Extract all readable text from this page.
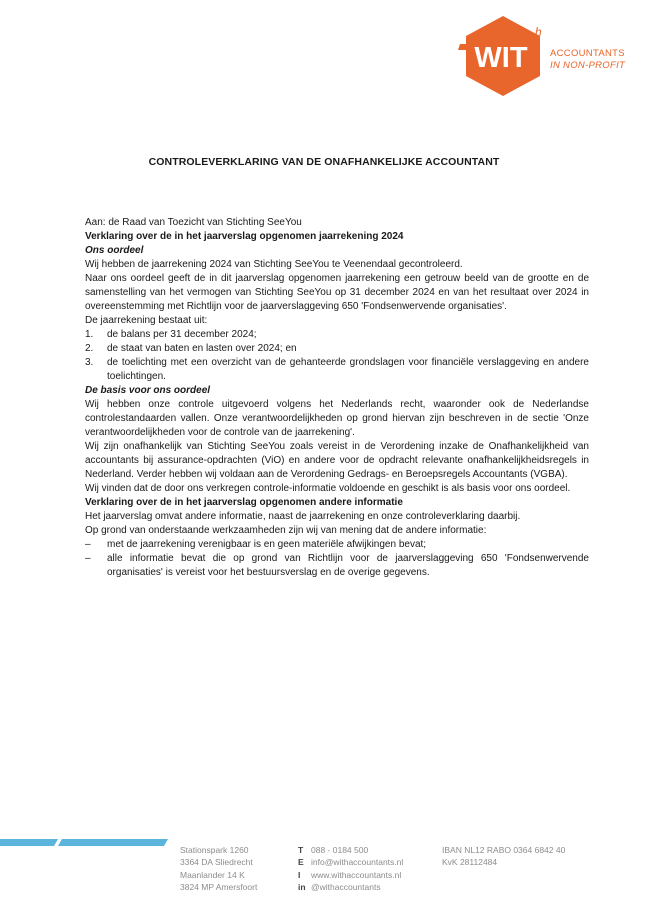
WIT
h
ACCOUNTANTS
IN NON-PROFIT
CONTROLEVERKLARING VAN DE ONAFHANKELIJKE ACCOUNTANT

Aan: de Raad van Toezicht van Stichting SeeYou

Verklaring over de in het jaarverslag opgenomen jaarrekening 2024

Ons oordeel

Wij hebben de jaarrekening 2024 van Stichting SeeYou te Veenendaal gecontroleerd.

Naar ons oordeel geeft de in dit jaarverslag opgenomen jaarrekening een getrouw beeld van de grootte en de samenstelling van het vermogen van Stichting SeeYou op 31 december 2024 en van het resultaat over 2024 in overeenstemming met Richtlijn voor de jaarverslaggeving 650 'Fondsenwervende organisaties'.

De jaarrekening bestaat uit:

1. de balans per 31 december 2024;
2. de staat van baten en lasten over 2024; en
3. de toelichting met een overzicht van de gehanteerde grondslagen voor financiële verslaggeving en andere toelichtingen.

De basis voor ons oordeel

Wij hebben onze controle uitgevoerd volgens het Nederlands recht, waaronder ook de Nederlandse controlestandaarden vallen. Onze verantwoordelijkheden op grond hiervan zijn beschreven in de sectie 'Onze verantwoordelijkheden voor de controle van de jaarrekening'.

Wij zijn onafhankelijk van Stichting SeeYou zoals vereist in de Verordening inzake de Onafhankelijkheid van accountants bij assurance-opdrachten (ViO) en andere voor de opdracht relevante onafhankelijkheidsregels in Nederland. Verder hebben wij voldaan aan de Verordening Gedrags- en Beroepsregels Accountants (VGBA).

Wij vinden dat de door ons verkregen controle-informatie voldoende en geschikt is als basis voor ons oordeel.

Verklaring over de in het jaarverslag opgenomen andere informatie

Het jaarverslag omvat andere informatie, naast de jaarrekening en onze controleverklaring daarbij.

Op grond van onderstaande werkzaamheden zijn wij van mening dat de andere informatie:

– met de jaarrekening verenigbaar is en geen materiële afwijkingen bevat;
– alle informatie bevat die op grond van Richtlijn voor de jaarverslaggeving 650 'Fondsenwervende organisaties' is vereist voor het bestuursverslag en de overige gegevens.
Stationspark 1260
3364 DA Sliedrecht
Maanlander 14 K
3824 MP Amersfoort
T 088 - 0184 500
E info@withaccountants.nl
I www.withaccountants.nl
in @withaccountants
IBAN NL12 RABO 0364 6842 40
KvK 28112484
